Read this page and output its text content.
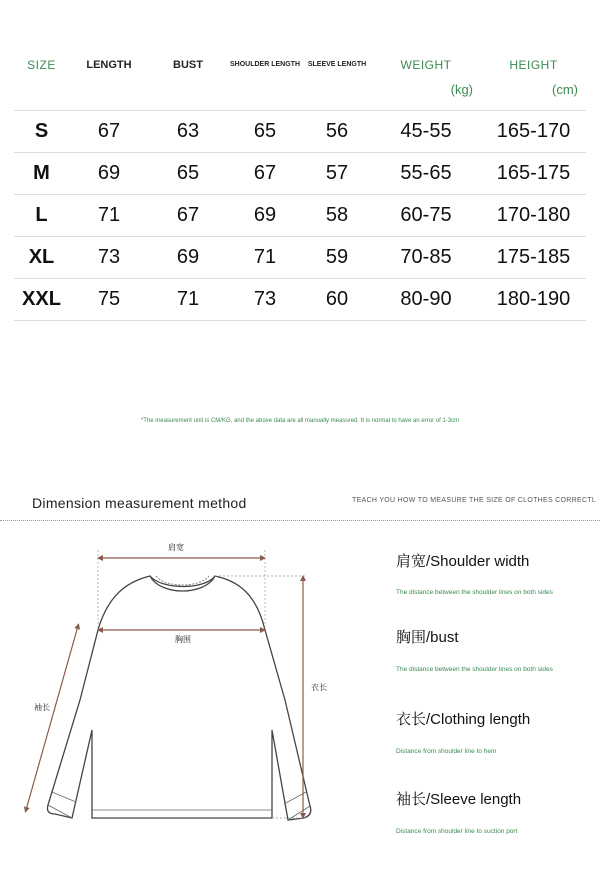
SIZE	LENGTH	BUST	SHOULDER LENGTH	SLEEVE LENGTH	WEIGHT	HEIGHT
					(kg)	(cm)
S	67	63	65	56	45-55	165-170
M	69	65	67	57	55-65	165-175
L	71	67	69	58	60-75	170-180
XL	73	69	71	59	70-85	175-185
XXL	75	71	73	60	80-90	180-190
*The measurement unit is CM/KG, and the above data are all manually measured. It is normal to have an error of 1-3cm
Dimension measurement method	TEACH YOU HOW TO MEASURE THE SIZE OF CLOTHES CORRECTL
肩宽
胸围
衣长
袖长
肩宽/Shoulder width
The distance between the shoulder lines on both sides
胸围/bust
The distance between the shoulder lines on both sides
衣长/Clothing length
Distance from shoulder line to hem
袖长/Sleeve length
Distance from shoulder line to suction port
